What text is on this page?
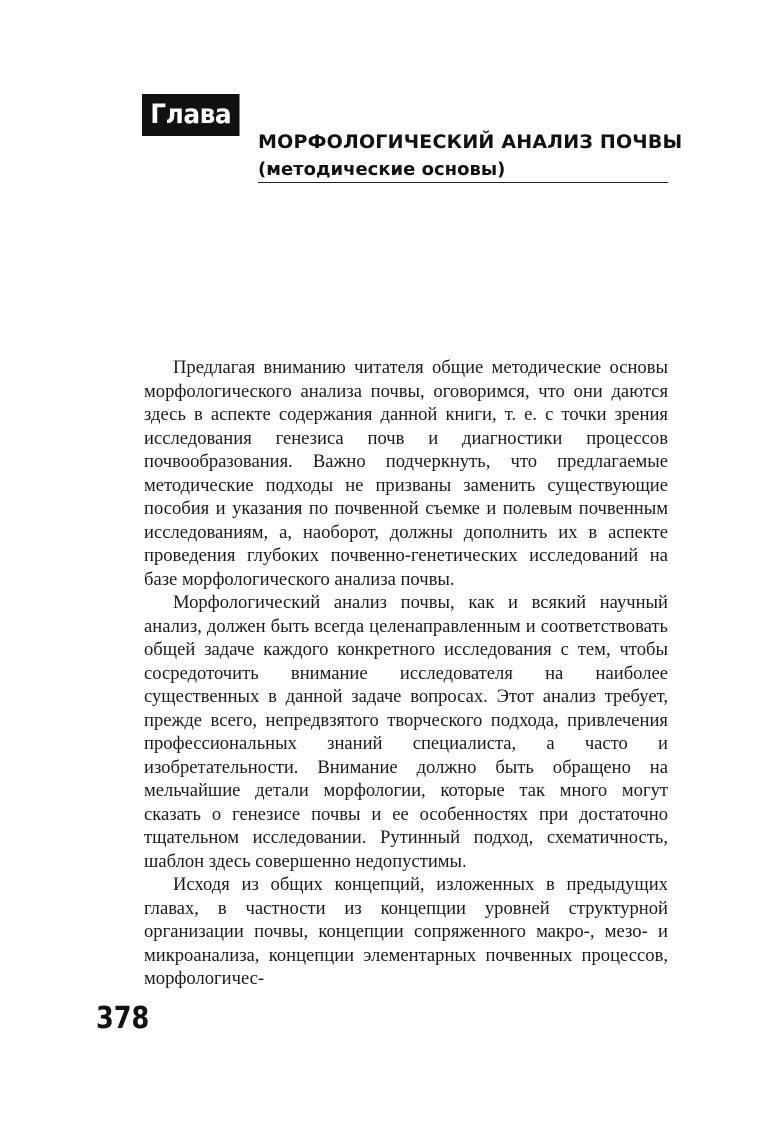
Глава IX	МОРФОЛОГИЧЕСКИЙ АНАЛИЗ ПОЧВЫ
(методические основы)

Предлагая вниманию читателя общие методические основы морфологического анализа почвы, оговоримся, что они даются здесь в аспекте содержания данной книги, т. е. с точки зрения исследования генезиса почв и диагностики процессов почвообразования. Важно подчеркнуть, что предлагаемые методические подходы не призваны заменить существующие пособия и указания по почвенной съемке и полевым почвенным исследованиям, а, наоборот, должны дополнить их в аспекте проведения глубоких почвенно-генетических исследований на базе морфологического анализа почвы.

Морфологический анализ почвы, как и всякий научный анализ, должен быть всегда целенаправленным и соответствовать общей задаче каждого конкретного исследования с тем, чтобы сосредоточить внимание исследователя на наиболее существенных в данной задаче вопросах. Этот анализ требует, прежде всего, непредвзятого творческого подхода, привлечения профессиональных знаний специалиста, а часто и изобретательности. Внимание должно быть обращено на мельчайшие детали морфологии, которые так много могут сказать о генезисе почвы и ее особенностях при достаточно тщательном исследовании. Рутинный подход, схематичность, шаблон здесь совершенно недопустимы.

Исходя из общих концепций, изложенных в предыдущих главах, в частности из концепции уровней структурной организации почвы, концепции сопряженного макро-, мезо- и микроанализа, концепции элементарных почвенных процессов, морфологичес-

378
